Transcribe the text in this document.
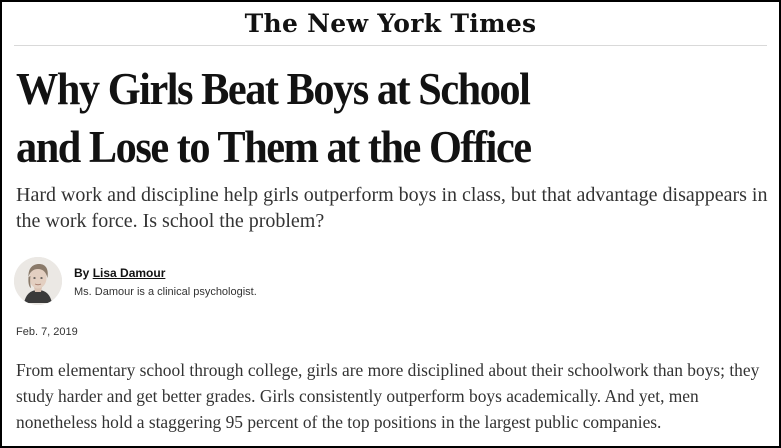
The New York Times
Why Girls Beat Boys at School
and Lose to Them at the Office

Hard work and discipline help girls outperform boys in class, but that advantage disappears in the work force. Is school the problem?

By Lisa Damour
Ms. Damour is a clinical psychologist.
Feb. 7, 2019

From elementary school through college, girls are more disciplined about their schoolwork than boys; they study harder and get better grades. Girls consistently outperform boys academically. And yet, men nonetheless hold a staggering 95 percent of the top positions in the largest public companies.
